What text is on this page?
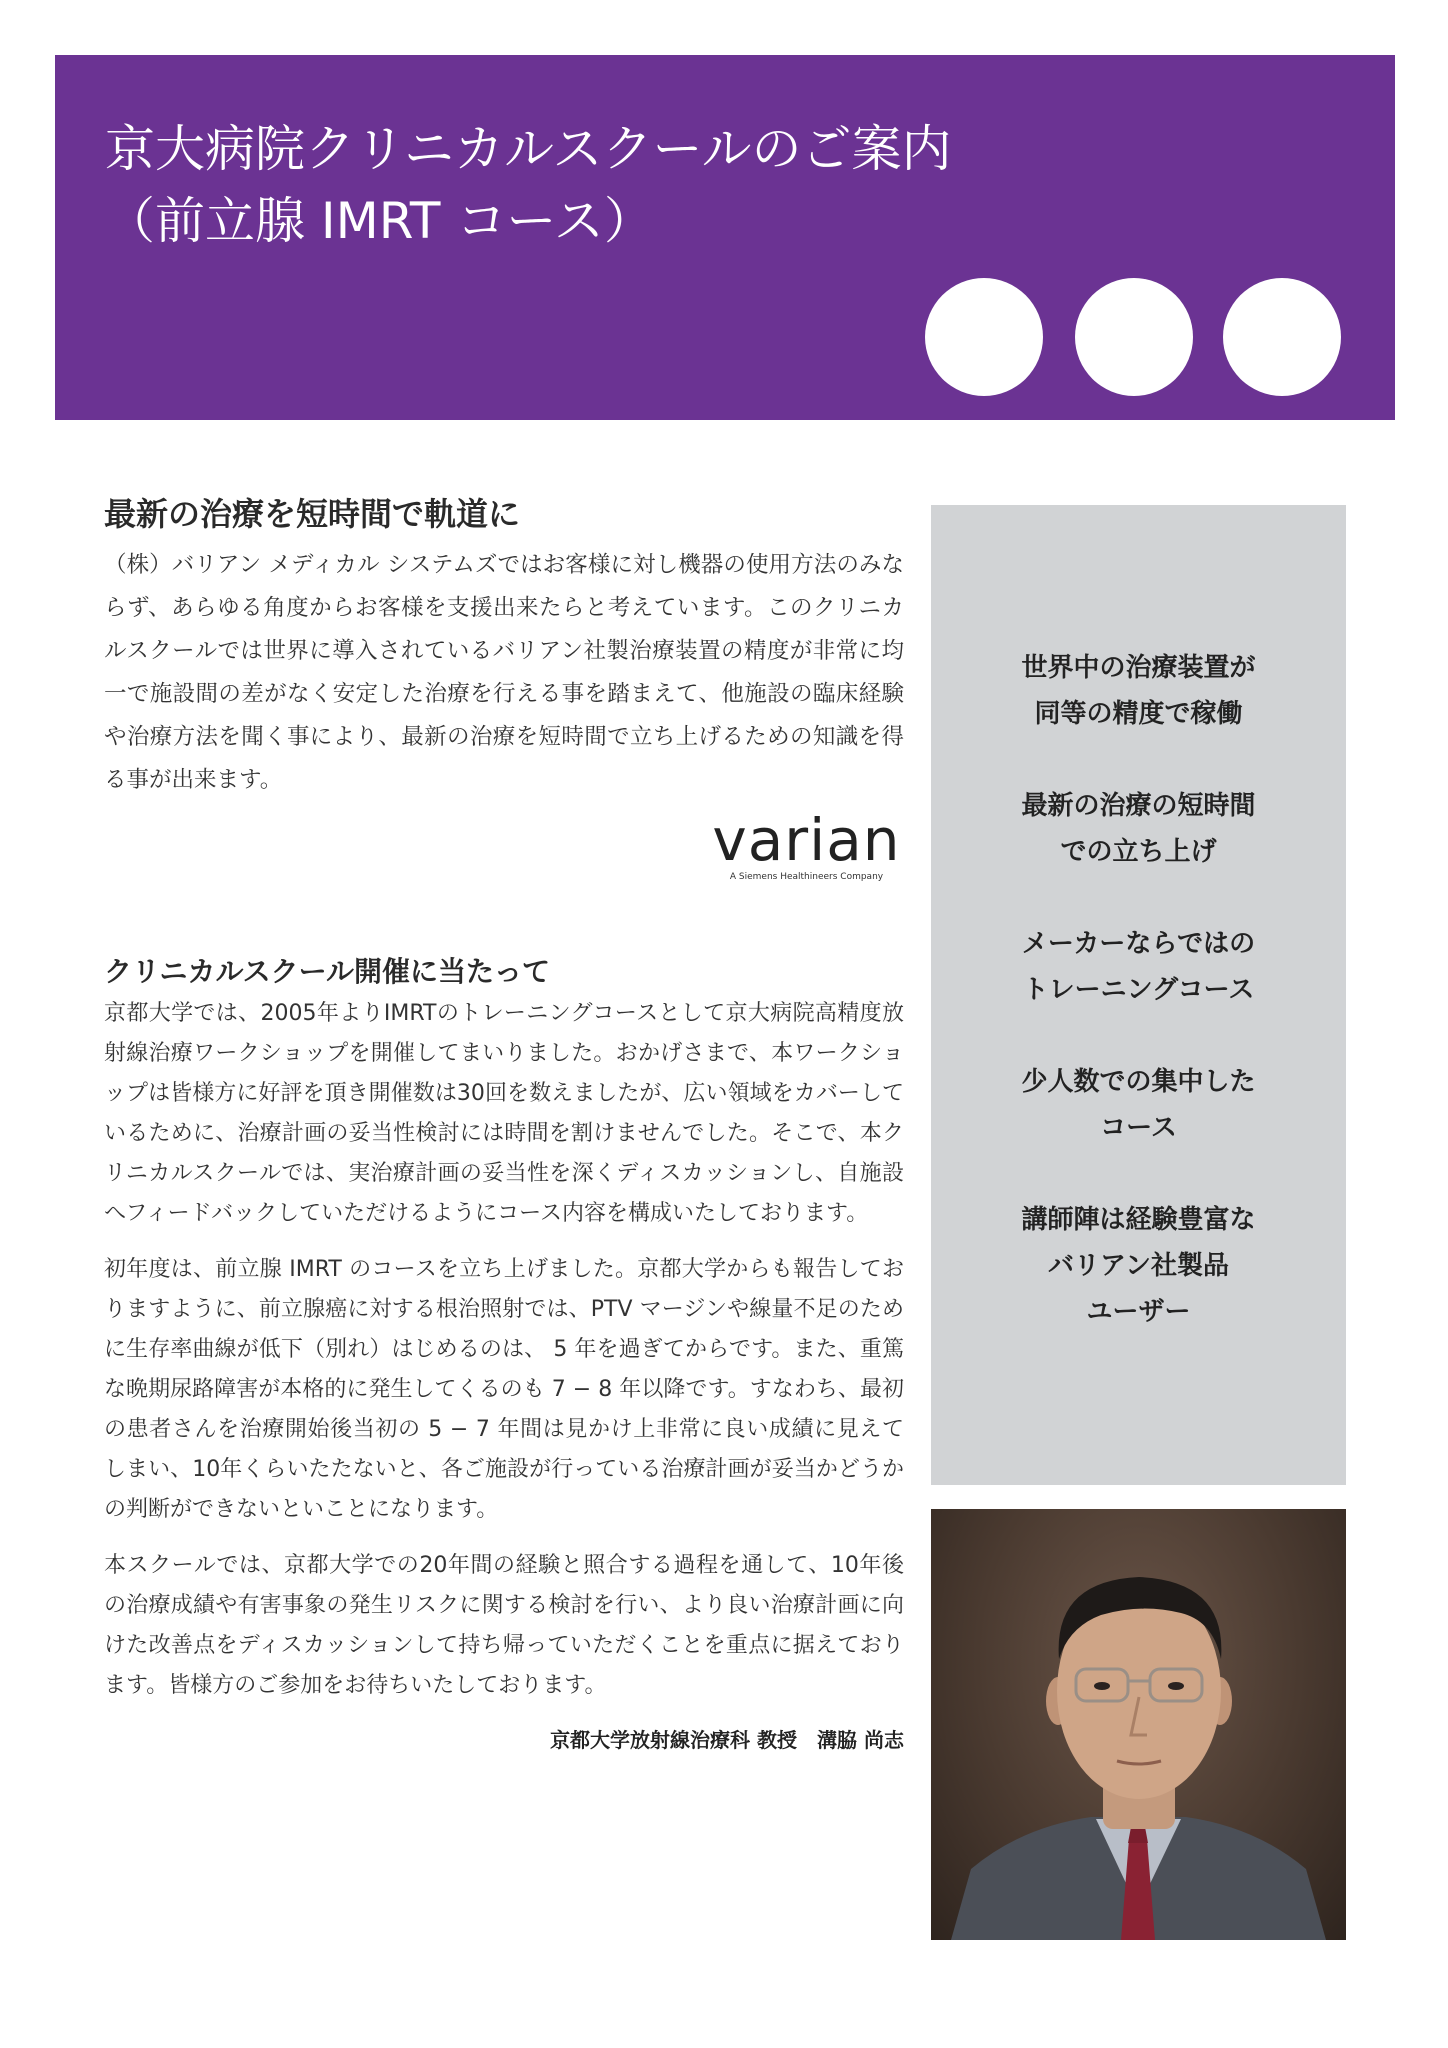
京大病院クリニカルスクールのご案内
（前立腺 IMRT コース）
最新の治療を短時間で軌道に

（株）バリアン メディカル システムズではお客様に対し機器の使用方法のみならず、あらゆる角度からお客様を支援出来たらと考えています。このクリニカルスクールでは世界に導入されているバリアン社製治療装置の精度が非常に均一で施設間の差がなく安定した治療を行える事を踏まえて、他施設の臨床経験や治療方法を聞く事により、最新の治療を短時間で立ち上げるための知識を得る事が出来ます。

varian
A Siemens Healthineers Company
クリニカルスクール開催に当たって

京都大学では、2005年よりIMRTのトレーニングコースとして京大病院高精度放射線治療ワークショップを開催してまいりました。おかげさまで、本ワークショップは皆様方に好評を頂き開催数は30回を数えましたが、広い領域をカバーしているために、治療計画の妥当性検討には時間を割けませんでした。そこで、本クリニカルスクールでは、実治療計画の妥当性を深くディスカッションし、自施設へフィードバックしていただけるようにコース内容を構成いたしております。

初年度は、前立腺 IMRT のコースを立ち上げました。京都大学からも報告しておりますように、前立腺癌に対する根治照射では、PTV マージンや線量不足のために生存率曲線が低下（別れ）はじめるのは、 5 年を過ぎてからです。また、重篤な晩期尿路障害が本格的に発生してくるのも 7 − 8 年以降です。すなわち、最初の患者さんを治療開始後当初の 5 − 7 年間は見かけ上非常に良い成績に見えてしまい、10年くらいたたないと、各ご施設が行っている治療計画が妥当かどうかの判断ができないといことになります。

本スクールでは、京都大学での20年間の経験と照合する過程を通して、10年後の治療成績や有害事象の発生リスクに関する検討を行い、より良い治療計画に向けた改善点をディスカッションして持ち帰っていただくことを重点に据えております。皆様方のご参加をお待ちいたしております。

京都大学放射線治療科 教授　溝脇 尚志
世界中の治療装置が
同等の精度で稼働
最新の治療の短時間
での立ち上げ
メーカーならではの
トレーニングコース
少人数での集中した
コース
講師陣は経験豊富な
バリアン社製品
ユーザー
